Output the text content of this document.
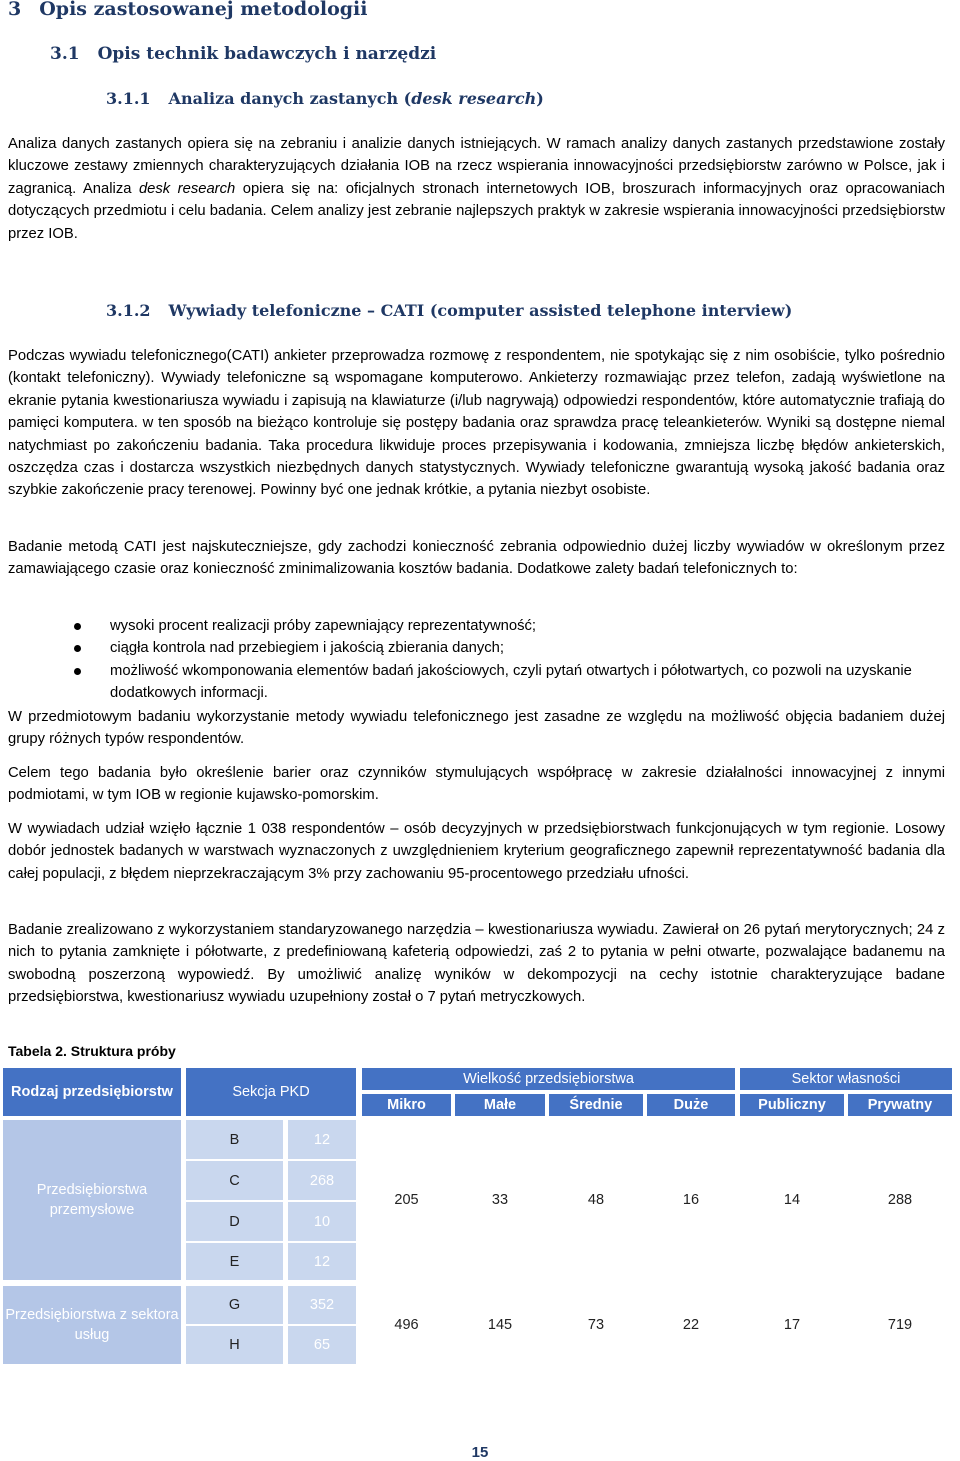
3 Opis zastosowanej metodologii
3.1 Opis technik badawczych i narzędzi
3.1.1 Analiza danych zastanych (desk research)

Analiza danych zastanych opiera się na zebraniu i analizie danych istniejących. W ramach analizy danych zastanych przedstawione zostały kluczowe zestawy zmiennych charakteryzujących działania IOB na rzecz wspierania innowacyjności przedsiębiorstw zarówno w Polsce, jak i zagranicą. Analiza desk research opiera się na: oficjalnych stronach internetowych IOB, broszurach informacyjnych oraz opracowaniach dotyczących przedmiotu i celu badania. Celem analizy jest zebranie najlepszych praktyk w zakresie wspierania innowacyjności przedsiębiorstw przez IOB.

3.1.2 Wywiady telefoniczne – CATI (computer assisted telephone interview)

Podczas wywiadu telefonicznego(CATI) ankieter przeprowadza rozmowę z respondentem, nie spotykając się z nim osobiście, tylko pośrednio (kontakt telefoniczny). Wywiady telefoniczne są wspomagane komputerowo. Ankieterzy rozmawiając przez telefon, zadają wyświetlone na ekranie pytania kwestionariusza wywiadu i zapisują na klawiaturze (i/lub nagrywają) odpowiedzi respondentów, które automatycznie trafiają do pamięci komputera. w ten sposób na bieżąco kontroluje się postępy badania oraz sprawdza pracę teleankieterów. Wyniki są dostępne niemal natychmiast po zakończeniu badania. Taka procedura likwiduje proces przepisywania i kodowania, zmniejsza liczbę błędów ankieterskich, oszczędza czas i dostarcza wszystkich niezbędnych danych statystycznych. Wywiady telefoniczne gwarantują wysoką jakość badania oraz szybkie zakończenie pracy terenowej. Powinny być one jednak krótkie, a pytania niezbyt osobiste.

Badanie metodą CATI jest najskuteczniejsze, gdy zachodzi konieczność zebrania odpowiednio dużej liczby wywiadów w określonym przez zamawiającego czasie oraz konieczność zminimalizowania kosztów badania. Dodatkowe zalety badań telefonicznych to:

wysoki procent realizacji próby zapewniający reprezentatywność;
ciągła kontrola nad przebiegiem i jakością zbierania danych;
możliwość wkomponowania elementów badań jakościowych, czyli pytań otwartych i półotwartych, co pozwoli na uzyskanie dodatkowych informacji.

W przedmiotowym badaniu wykorzystanie metody wywiadu telefonicznego jest zasadne ze względu na możliwość objęcia badaniem dużej grupy różnych typów respondentów.

Celem tego badania było określenie barier oraz czynników stymulujących współpracę w zakresie działalności innowacyjnej z innymi podmiotami, w tym IOB w regionie kujawsko-pomorskim.

W wywiadach udział wzięło łącznie 1 038 respondentów – osób decyzyjnych w przedsiębiorstwach funkcjonujących w tym regionie. Losowy dobór jednostek badanych w warstwach wyznaczonych z uwzględnieniem kryterium geograficznego zapewnił reprezentatywność badania dla całej populacji, z błędem nieprzekraczającym 3% przy zachowaniu 95-procentowego przedziału ufności.

Badanie zrealizowano z wykorzystaniem standaryzowanego narzędzia – kwestionariusza wywiadu. Zawierał on 26 pytań merytorycznych; 24 z nich to pytania zamknięte i półotwarte, z predefiniowaną kafeterią odpowiedzi, zaś 2 to pytania w pełni otwarte, pozwalające badanemu na swobodną poszerzoną wypowiedź. By umożliwić analizę wyników w dekompozycji na cechy istotnie charakteryzujące badane przedsiębiorstwa, kwestionariusz wywiadu uzupełniony został o 7 pytań metryczkowych.

Tabela 2. Struktura próby
Rodzaj przedsiębiorstw	Sekcja PKD
Wielkość przedsiębiorstwa	Sektor własności
Mikro	Małe	Średnie	Duże	Publiczny	Prywatny
Przedsiębiorstwa przemysłowe
B	12
C	268
D	10
E	12
205	33	48	16	14	288
Przedsiębiorstwa z sektora usług
G	352
H	65
496	145	73	22	17	719
15
